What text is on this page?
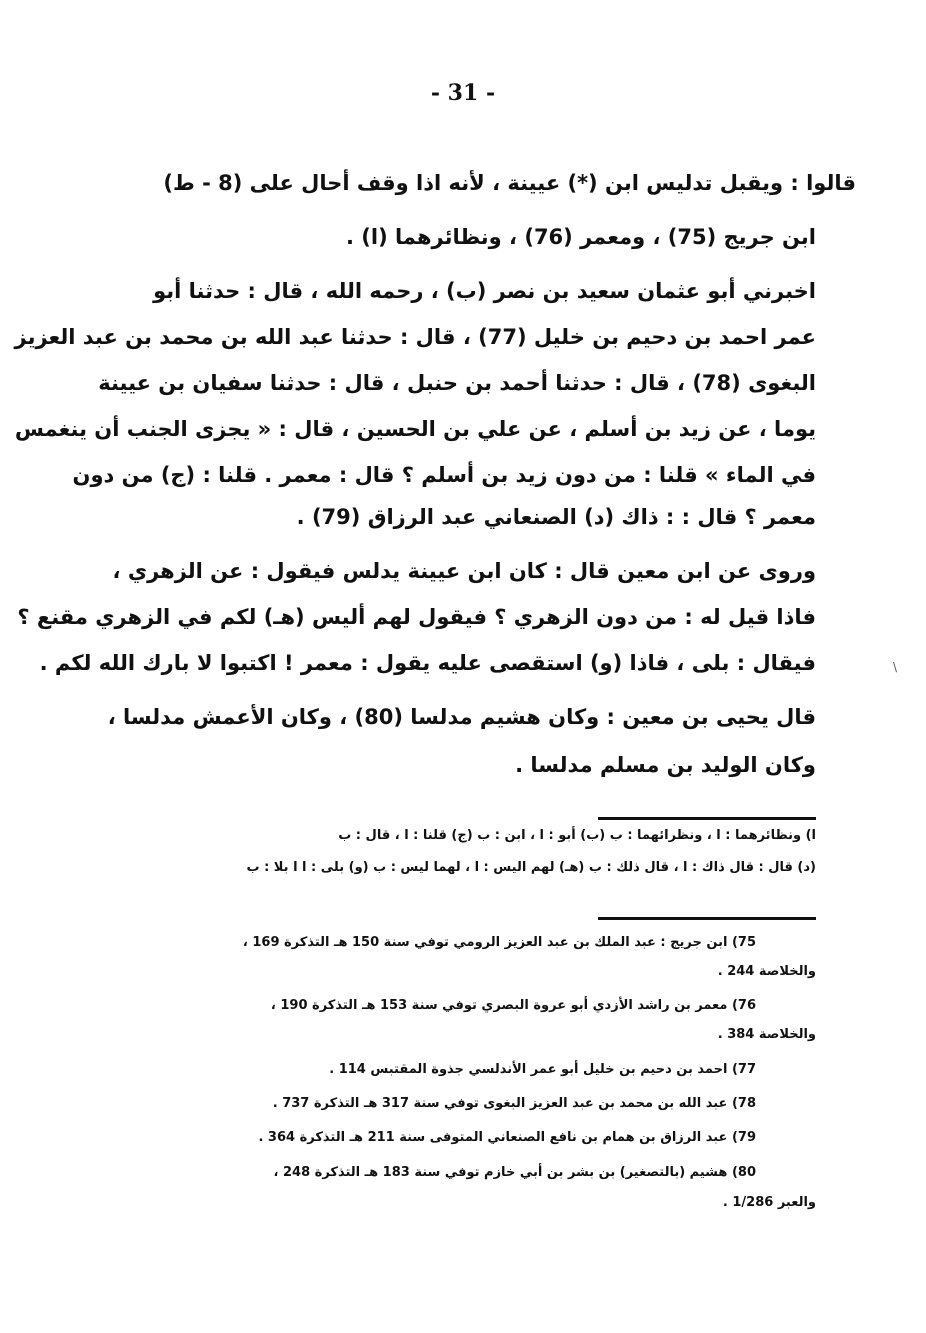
- 31 -
قالوا : ويقبل تدليس ابن (*) عيينة ، لأنه اذا وقف أحال على (8 - ط)
ابن جريج (75) ، ومعمر (76) ، ونظائرهما (ا) .
اخبرني أبو عثمان سعيد بن نصر (ب) ، رحمه الله ، قال : حدثنا أبو
عمر احمد بن دحيم بن خليل (77) ، قال : حدثنا عبد الله بن محمد بن عبد العزيز
البغوى (78) ، قال : حدثنا أحمد بن حنبل ، قال : حدثنا سفيان بن عيينة
يوما ، عن زيد بن أسلم ، عن علي بن الحسين ، قال : « يجزى الجنب أن ينغمس
في الماء » قلنا : من دون زيد بن أسلم ؟ قال : معمر . قلنا : (ج) من دون
معمر ؟ قال : : ذاك (د) الصنعاني عبد الرزاق (79) .
وروى عن ابن معين قال : كان ابن عيينة يدلس فيقول : عن الزهري ،
فاذا قيل له : من دون الزهري ؟ فيقول لهم أليس (هـ) لكم في الزهري مقنع ؟
فيقال : بلى ، فاذا (و) استقصى عليه يقول : معمر ! اكتبوا لا بارك الله لكم .
قال يحيى بن معين : وكان هشيم مدلسا (80) ، وكان الأعمش مدلسا ،
وكان الوليد بن مسلم مدلسا .
\
ا) ونظائرهما : ا ، ونظرائهما : ب (ب) أبو : ا ، ابن : ب (ج) قلنا : ا ، قال : ب
(د) قال : قال ذاك : ا ، قال ذلك : ب (هـ) لهم اليس : ا ، لهما ليس : ب (و) بلى : ا ا بلا : ب
75) ابن جريج : عبد الملك بن عبد العزيز الرومي توفي سنة 150 هـ التذكرة 169 ،
والخلاصة 244 .
76) معمر بن راشد الأزدي أبو عروة البصري توفي سنة 153 هـ التذكرة 190 ،
والخلاصة 384 .
77) احمد بن دحيم بن خليل أبو عمر الأندلسي جذوة المقتبس 114 .
78) عبد الله بن محمد بن عبد العزيز البغوى توفي سنة 317 هـ التذكرة 737 .
79) عبد الرزاق بن همام بن نافع الصنعاني المتوفى سنة 211 هـ التذكرة 364 .
80) هشيم (بالتصغير) بن بشر بن أبي خازم توفي سنة 183 هـ التذكرة 248 ،
والعبر 1/286 .
